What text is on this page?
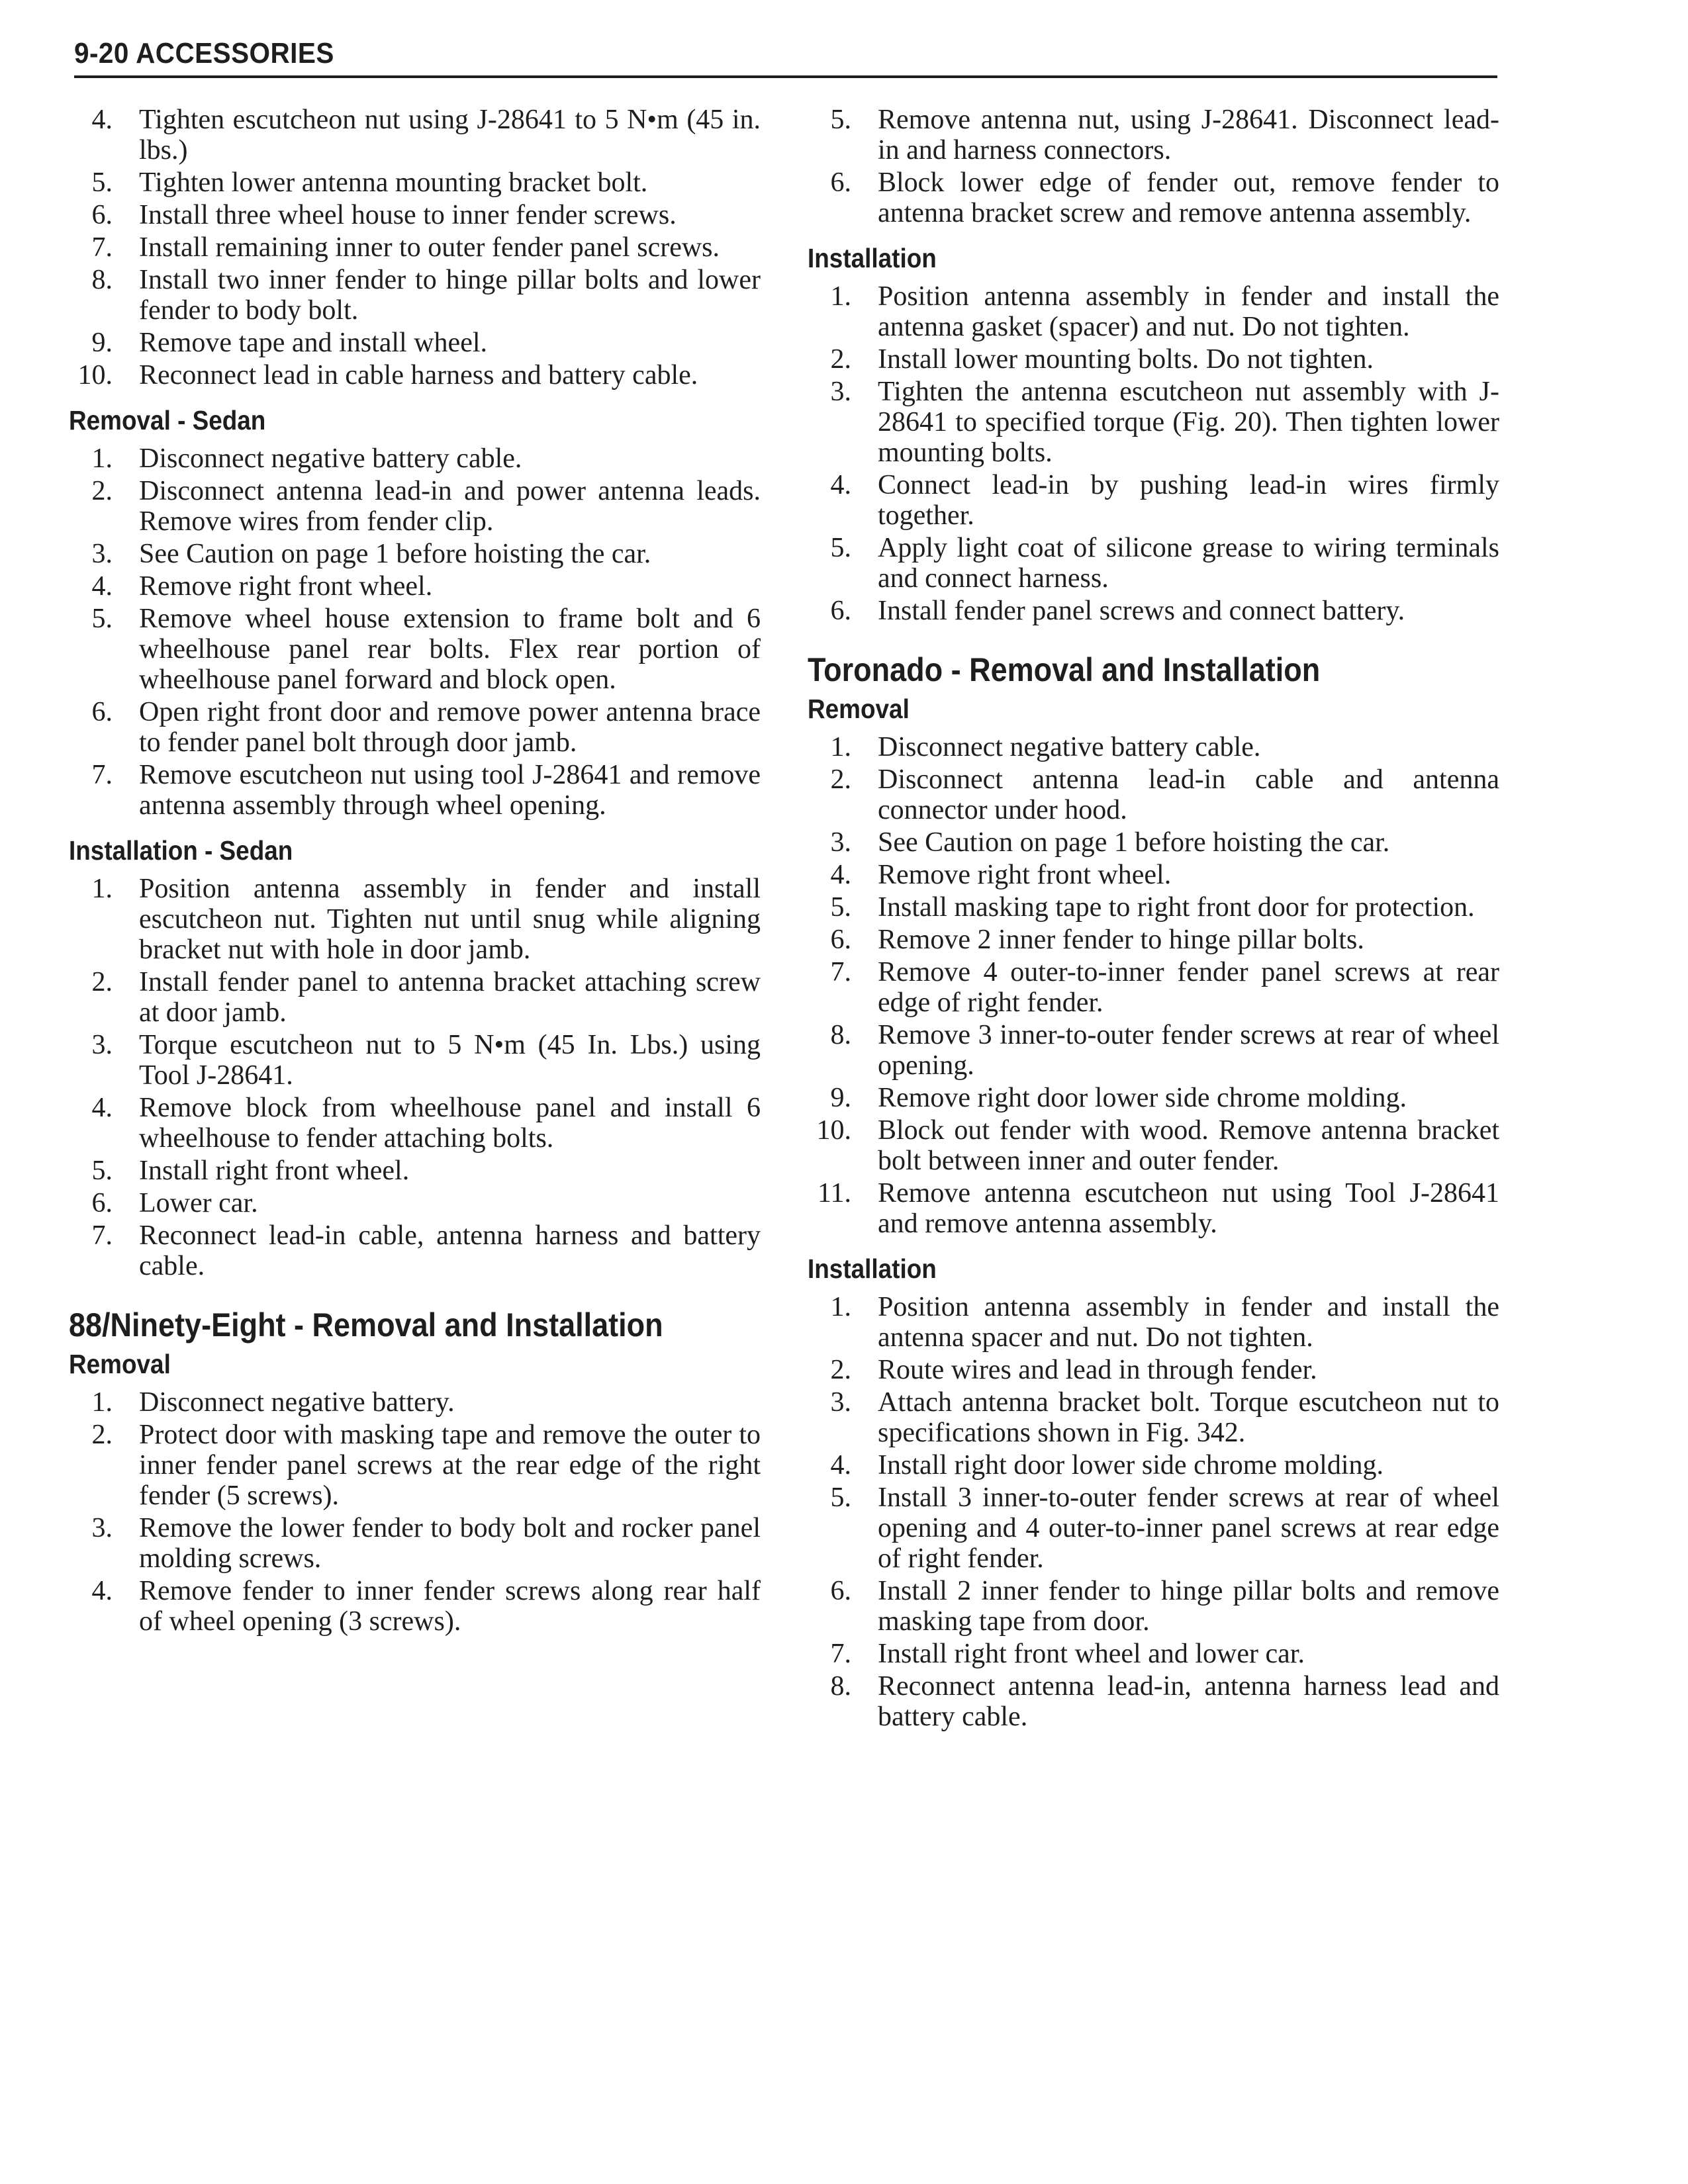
9-20 ACCESSORIES
4. Tighten escutcheon nut using J-28641 to 5 N•m (45 in. lbs.)
5. Tighten lower antenna mounting bracket bolt.
6. Install three wheel house to inner fender screws.
7. Install remaining inner to outer fender panel screws.
8. Install two inner fender to hinge pillar bolts and lower fender to body bolt.
9. Remove tape and install wheel.
10. Reconnect lead in cable harness and battery cable.
Removal - Sedan
1. Disconnect negative battery cable.
2. Disconnect antenna lead-in and power antenna leads. Remove wires from fender clip.
3. See Caution on page 1 before hoisting the car.
4. Remove right front wheel.
5. Remove wheel house extension to frame bolt and 6 wheelhouse panel rear bolts. Flex rear portion of wheelhouse panel forward and block open.
6. Open right front door and remove power antenna brace to fender panel bolt through door jamb.
7. Remove escutcheon nut using tool J-28641 and remove antenna assembly through wheel opening.
Installation - Sedan
1. Position antenna assembly in fender and install escutcheon nut. Tighten nut until snug while aligning bracket nut with hole in door jamb.
2. Install fender panel to antenna bracket attaching screw at door jamb.
3. Torque escutcheon nut to 5 N•m (45 In. Lbs.) using Tool J-28641.
4. Remove block from wheelhouse panel and install 6 wheelhouse to fender attaching bolts.
5. Install right front wheel.
6. Lower car.
7. Reconnect lead-in cable, antenna harness and battery cable.
88/Ninety-Eight - Removal and Installation
Removal
1. Disconnect negative battery.
2. Protect door with masking tape and remove the outer to inner fender panel screws at the rear edge of the right fender (5 screws).
3. Remove the lower fender to body bolt and rocker panel molding screws.
4. Remove fender to inner fender screws along rear half of wheel opening (3 screws).
5. Remove antenna nut, using J-28641. Disconnect lead-in and harness connectors.
6. Block lower edge of fender out, remove fender to antenna bracket screw and remove antenna assembly.
Installation
1. Position antenna assembly in fender and install the antenna gasket (spacer) and nut. Do not tighten.
2. Install lower mounting bolts. Do not tighten.
3. Tighten the antenna escutcheon nut assembly with J-28641 to specified torque (Fig. 20). Then tighten lower mounting bolts.
4. Connect lead-in by pushing lead-in wires firmly together.
5. Apply light coat of silicone grease to wiring terminals and connect harness.
6. Install fender panel screws and connect battery.
Toronado - Removal and Installation
Removal
1. Disconnect negative battery cable.
2. Disconnect antenna lead-in cable and antenna connector under hood.
3. See Caution on page 1 before hoisting the car.
4. Remove right front wheel.
5. Install masking tape to right front door for protection.
6. Remove 2 inner fender to hinge pillar bolts.
7. Remove 4 outer-to-inner fender panel screws at rear edge of right fender.
8. Remove 3 inner-to-outer fender screws at rear of wheel opening.
9. Remove right door lower side chrome molding.
10. Block out fender with wood. Remove antenna bracket bolt between inner and outer fender.
11. Remove antenna escutcheon nut using Tool J-28641 and remove antenna assembly.
Installation
1. Position antenna assembly in fender and install the antenna spacer and nut. Do not tighten.
2. Route wires and lead in through fender.
3. Attach antenna bracket bolt. Torque escutcheon nut to specifications shown in Fig. 342.
4. Install right door lower side chrome molding.
5. Install 3 inner-to-outer fender screws at rear of wheel opening and 4 outer-to-inner panel screws at rear edge of right fender.
6. Install 2 inner fender to hinge pillar bolts and remove masking tape from door.
7. Install right front wheel and lower car.
8. Reconnect antenna lead-in, antenna harness lead and battery cable.
